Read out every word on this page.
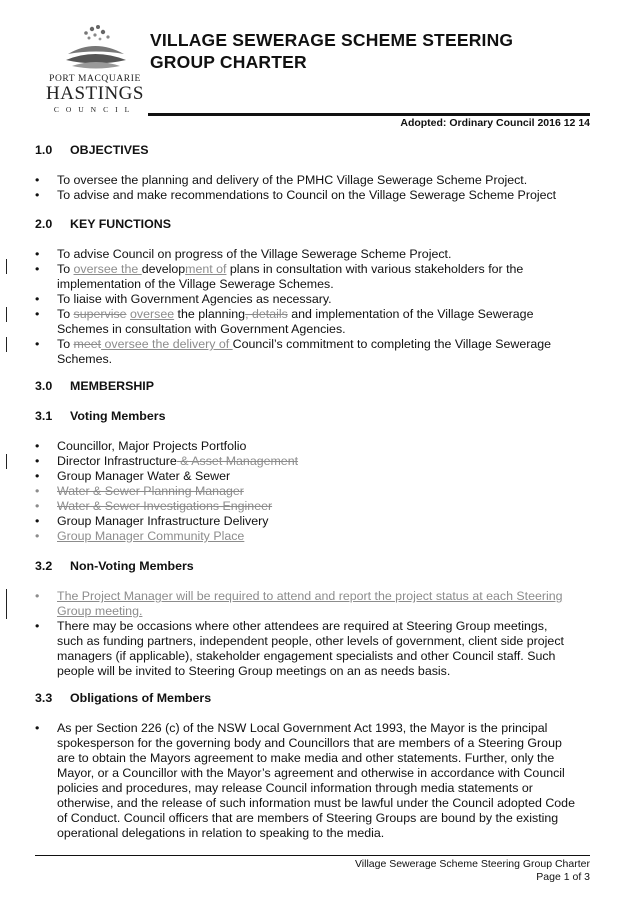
PORT MACQUARIE
HASTINGS
COUNCIL
VILLAGE SEWERAGE SCHEME STEERING
GROUP CHARTER
Adopted: Ordinary Council 2016 12 14
1.0 OBJECTIVES
• To oversee the planning and delivery of the PMHC Village Sewerage Scheme Project.
• To advise and make recommendations to Council on the Village Sewerage Scheme Project
2.0 KEY FUNCTIONS
• To advise Council on progress of the Village Sewerage Scheme Project.
• To oversee the development of plans in consultation with various stakeholders for the implementation of the Village Sewerage Schemes.
• To liaise with Government Agencies as necessary.
• To supervise oversee the planning, details and implementation of the Village Sewerage Schemes in consultation with Government Agencies.
• To meet oversee the delivery of Council’s commitment to completing the Village Sewerage Schemes.
3.0 MEMBERSHIP
3.1 Voting Members
• Councillor, Major Projects Portfolio
• Director Infrastructure & Asset Management
• Group Manager Water & Sewer
• Water & Sewer Planning Manager
• Water & Sewer Investigations Engineer
• Group Manager Infrastructure Delivery
• Group Manager Community Place
3.2 Non-Voting Members
• The Project Manager will be required to attend and report the project status at each Steering Group meeting.
• There may be occasions where other attendees are required at Steering Group meetings, such as funding partners, independent people, other levels of government, client side project managers (if applicable), stakeholder engagement specialists and other Council staff. Such people will be invited to Steering Group meetings on an as needs basis.
3.3 Obligations of Members
• As per Section 226 (c) of the NSW Local Government Act 1993, the Mayor is the principal spokesperson for the governing body and Councillors that are members of a Steering Group are to obtain the Mayors agreement to make media and other statements. Further, only the Mayor, or a Councillor with the Mayor’s agreement and otherwise in accordance with Council policies and procedures, may release Council information through media statements or otherwise, and the release of such information must be lawful under the Council adopted Code of Conduct. Council officers that are members of Steering Groups are bound by the existing operational delegations in relation to speaking to the media.
Village Sewerage Scheme Steering Group Charter
Page 1 of 3
